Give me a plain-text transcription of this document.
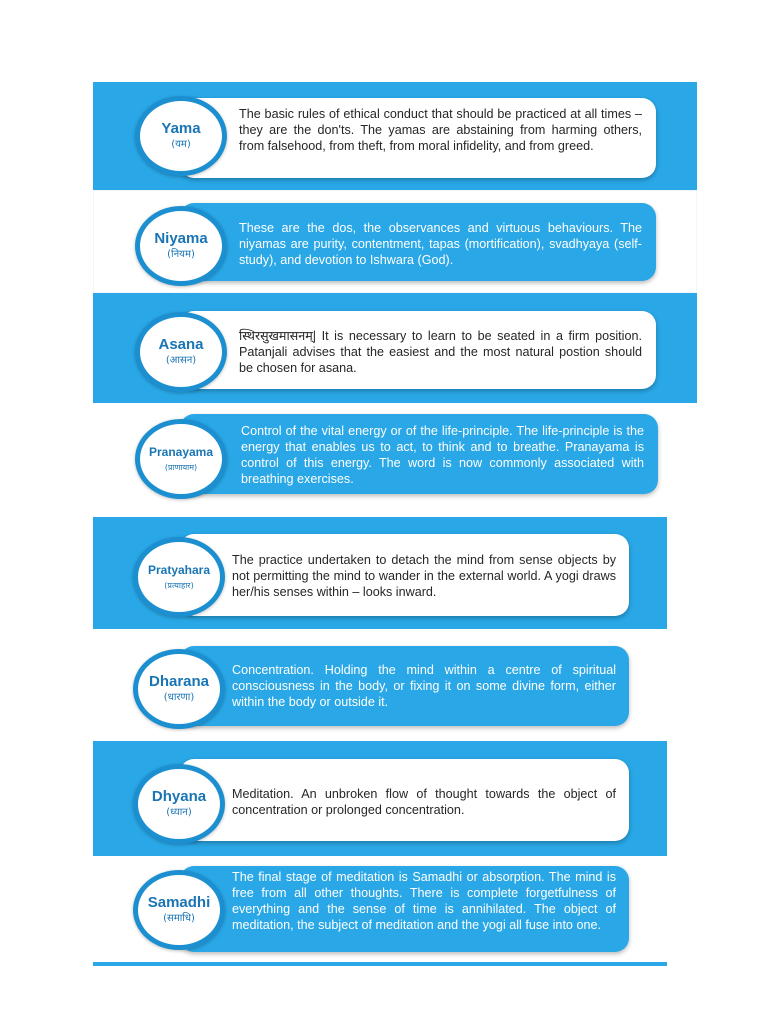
The basic rules of ethical conduct that should be practiced at all times – they are the don'ts. The yamas are abstaining from harming others, from falsehood, from theft, from moral infidelity, and from greed.
Yama
(यम)
These are the dos, the observances and virtuous behaviours. The niyamas are purity, contentment, tapas (mortification), svadhyaya (self-study), and devotion to Ishwara (God).
Niyama
(नियम)
स्थिरसुखमासनम्| It is necessary to learn to be seated in a firm position. Patanjali advises that the easiest and the most natural postion should be chosen for asana.
Asana
(आसन)
Control of the vital energy or of the life-principle. The life-principle is the energy that enables us to act, to think and to breathe. Pranayama is control of this energy. The word is now commonly associated with breathing exercises.
Pranayama
(प्राणायाम)
The practice undertaken to detach the mind from sense objects by not permitting the mind to wander in the external world. A yogi draws her/his senses within – looks inward.
Pratyahara
(प्रत्याहार)
Concentration. Holding the mind within a centre of spiritual consciousness in the body, or fixing it on some divine form, either within the body or outside it.
Dharana
(धारणा)
Meditation. An unbroken flow of thought towards the object of concentration or prolonged concentration.
Dhyana
(ध्यान)
The final stage of meditation is Samadhi or absorption. The mind is free from all other thoughts. There is complete forgetfulness of everything and the sense of time is annihilated. The object of meditation, the subject of meditation and the yogi all fuse into one.
Samadhi
(समाधि)
